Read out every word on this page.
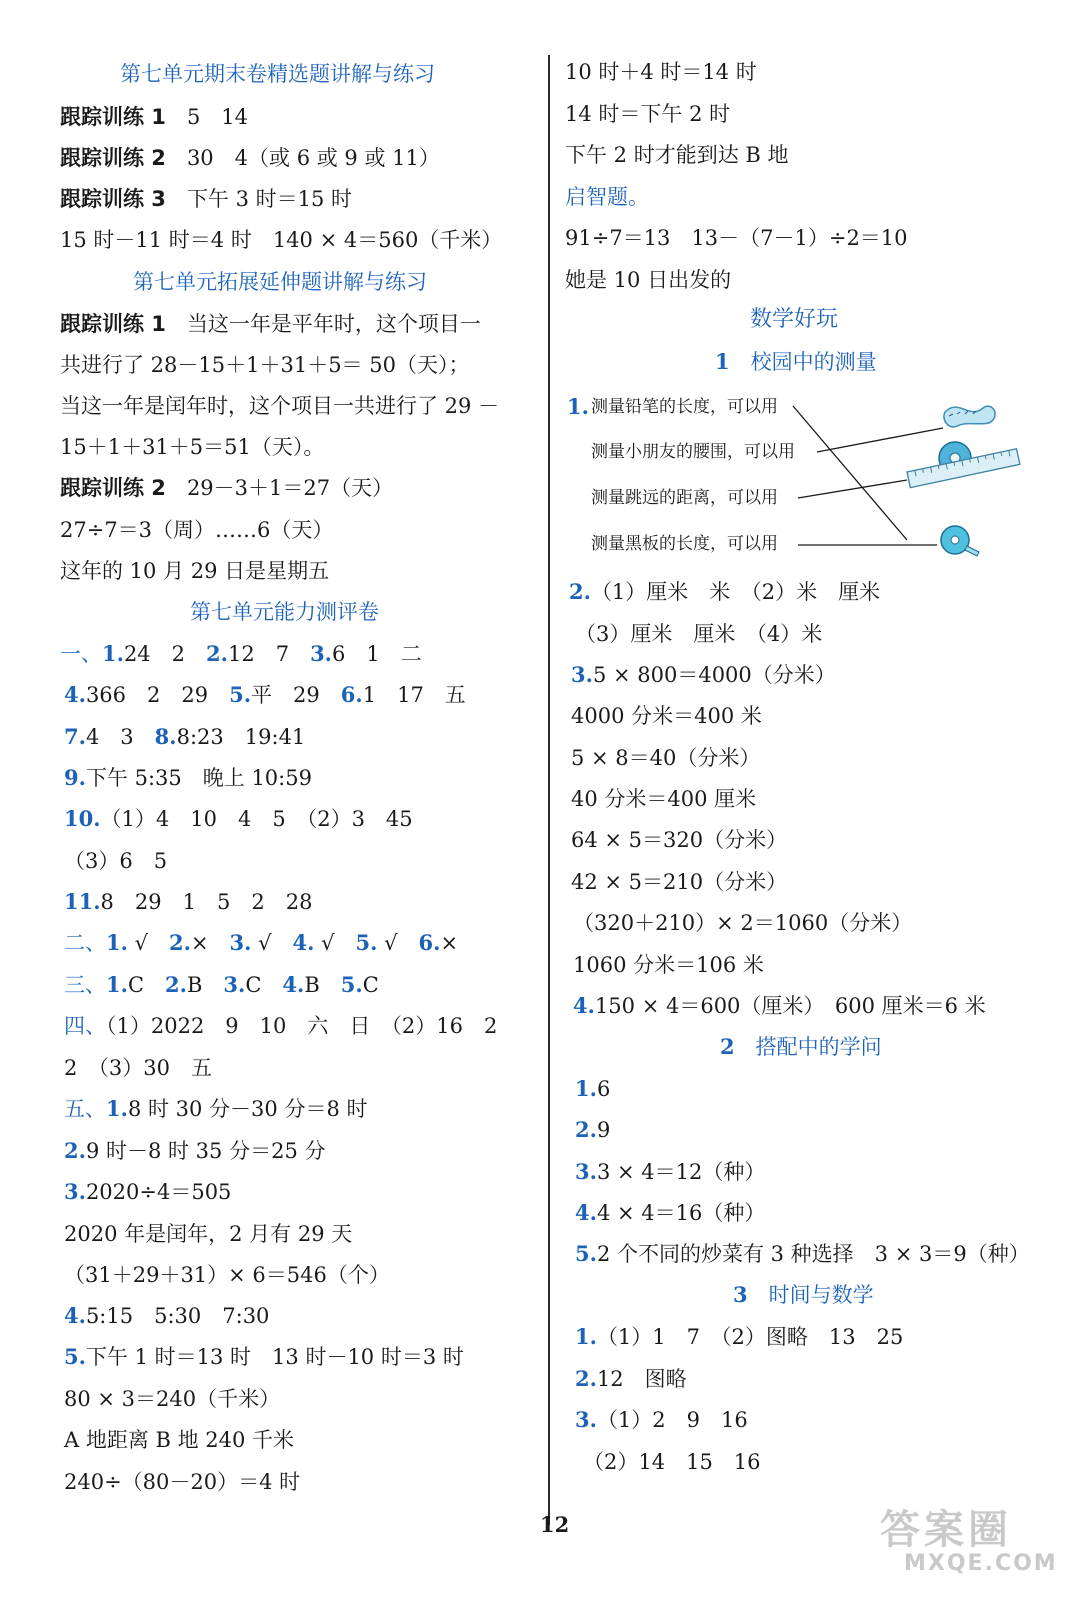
第七单元期末卷精选题讲解与练习
跟踪训练 1　 5　14
跟踪训练 2　 30　4（或 6 或 9 或 11）
跟踪训练 3　 下午 3 时＝15 时
15 时－11 时＝4 时　140 × 4＝560（千米）
第七单元拓展延伸题讲解与练习
跟踪训练 1　 当这一年是平年时，这个项目一
共进行了 28－15＋1＋31＋5＝ 50（天）；
当这一年是闰年时，这个项目一共进行了 29 －
15＋1＋31＋5＝51（天）。
跟踪训练 2　 29－3＋1＝27（天）
27÷7＝3（周）……6（天）
这年的 10 月 29 日是星期五
第七单元能力测评卷
一、1.24　2　2.12　7　3.6　1　二
4.366　2　29　5.平　29　6.1　17　五
7.4　3　8.8:23　19:41
9.下午 5:35　晚上 10:59
10.（1）4　10　4　5　（2）3　45
（3）6　5
11.8　29　1　5　2　28
二、1. √　2.×　3. √　4. √　5. √　6.×
三、1.C　2.B　3.C　4.B　5.C
四、（1）2022　9　10　六　日　（2）16　2
2　（3）30　五
五、1.8 时 30 分－30 分＝8 时
2.9 时－8 时 35 分＝25 分
3.2020÷4＝505
2020 年是闰年，2 月有 29 天
（31＋29＋31）× 6＝546（个）
4.5:15　5:30　7:30
5.下午 1 时＝13 时　13 时－10 时＝3 时
80 × 3＝240（千米）
A 地距离 B 地 240 千米
240÷（80－20）＝4 时
10 时＋4 时＝14 时
14 时＝下午 2 时
下午 2 时才能到达 B 地
启智题。
91÷7＝13　13－（7－1）÷2＝10
她是 10 日出发的
数学好玩
1　 校园中的测量
1. 测量铅笔的长度，可以用
测量小朋友的腰围，可以用
测量跳远的距离，可以用
测量黑板的长度，可以用
2.（1）厘米　米　（2）米　厘米
（3）厘米　厘米　（4）米
3.5 × 800＝4000（分米）
4000 分米＝400 米
5 × 8＝40（分米）
40 分米＝400 厘米
64 × 5＝320（分米）
42 × 5＝210（分米）
（320＋210）× 2＝1060（分米）
1060 分米＝106 米
4.150 × 4＝600（厘米）　600 厘米＝6 米
2　 搭配中的学问
1.6
2.9
3.3 × 4＝12（种）
4.4 × 4＝16（种）
5.2 个不同的炒菜有 3 种选择　3 × 3＝9（种）
3　 时间与数学
1.（1）1　7　（2）图略　13　25
2.12　图略
3.（1）2　9　16
（2）14　15　16
12	答案圈
MXQE.COM
